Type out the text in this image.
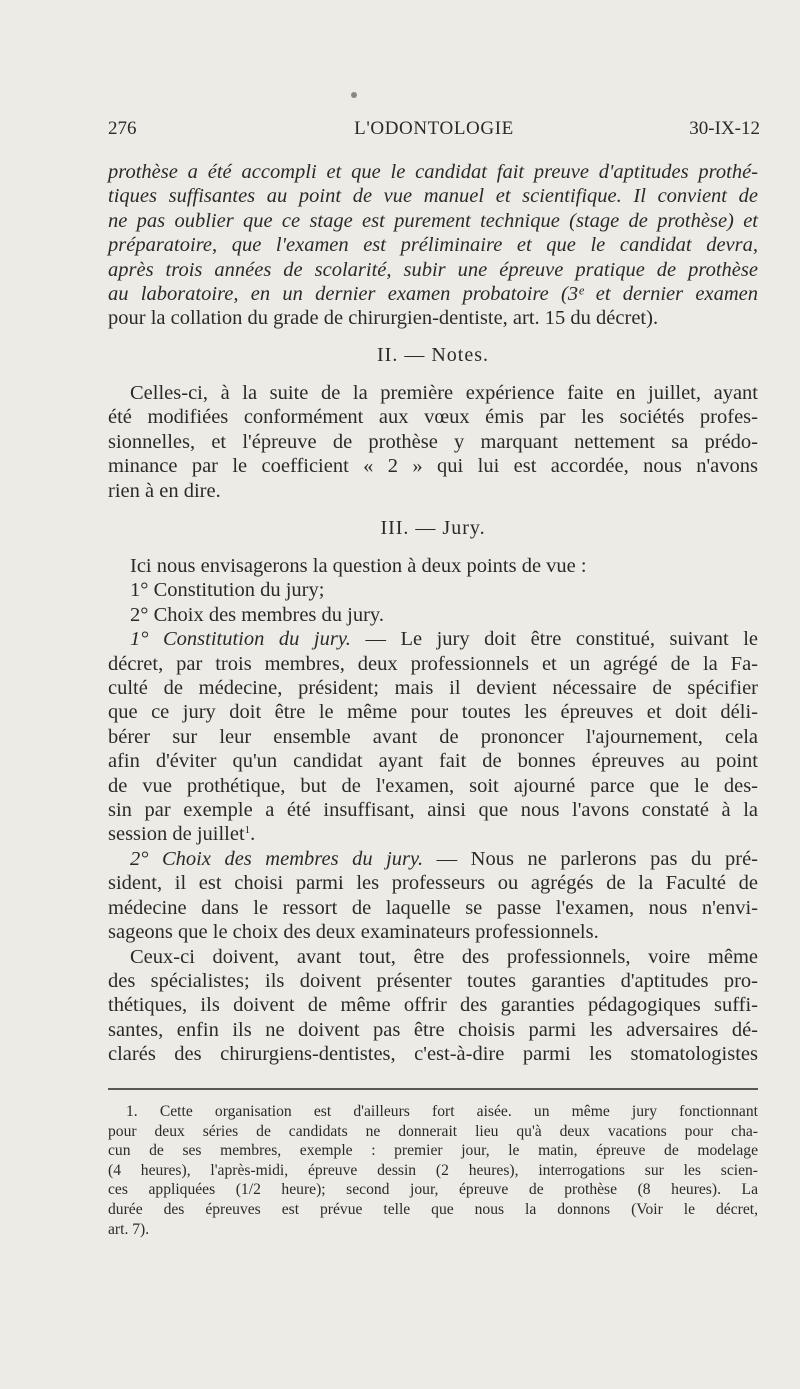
276	L'ODONTOLOGIE	30-IX-12
prothèse a été accompli et que le candidat fait preuve d'aptitudes prothé-
tiques suffisantes au point de vue manuel et scientifique. Il convient de
ne pas oublier que ce stage est purement technique (stage de prothèse) et
préparatoire, que l'examen est préliminaire et que le candidat devra,
après trois années de scolarité, subir une épreuve pratique de prothèse
au laboratoire, en un dernier examen probatoire (3ᵉ et dernier examen
pour la collation du grade de chirurgien-dentiste, art. 15 du décret).
II. — Notes.
Celles-ci, à la suite de la première expérience faite en juillet, ayant
été modifiées conformément aux vœux émis par les sociétés profes-
sionnelles, et l'épreuve de prothèse y marquant nettement sa prédo-
minance par le coefficient « 2 » qui lui est accordée, nous n'avons
rien à en dire.
III. — Jury.
Ici nous envisagerons la question à deux points de vue :
1° Constitution du jury;
2° Choix des membres du jury.
1° Constitution du jury. — Le jury doit être constitué, suivant le
décret, par trois membres, deux professionnels et un agrégé de la Fa-
culté de médecine, président; mais il devient nécessaire de spécifier
que ce jury doit être le même pour toutes les épreuves et doit déli-
bérer sur leur ensemble avant de prononcer l'ajournement, cela
afin d'éviter qu'un candidat ayant fait de bonnes épreuves au point
de vue prothétique, but de l'examen, soit ajourné parce que le des-
sin par exemple a été insuffisant, ainsi que nous l'avons constaté à la
session de juillet$^1$.
2° Choix des membres du jury. — Nous ne parlerons pas du pré-
sident, il est choisi parmi les professeurs ou agrégés de la Faculté de
médecine dans le ressort de laquelle se passe l'examen, nous n'envi-
sageons que le choix des deux examinateurs professionnels.
Ceux-ci doivent, avant tout, être des professionnels, voire même
des spécialistes; ils doivent présenter toutes garanties d'aptitudes pro-
thétiques, ils doivent de même offrir des garanties pédagogiques suffi-
santes, enfin ils ne doivent pas être choisis parmi les adversaires dé-
clarés des chirurgiens-dentistes, c'est-à-dire parmi les stomatologistes
1. Cette organisation est d'ailleurs fort aisée. un même jury fonctionnant
pour deux séries de candidats ne donnerait lieu qu'à deux vacations pour cha-
cun de ses membres, exemple : premier jour, le matin, épreuve de modelage
(4 heures), l'après-midi, épreuve dessin (2 heures), interrogations sur les scien-
ces appliquées (1/2 heure); second jour, épreuve de prothèse (8 heures). La
durée des épreuves est prévue telle que nous la donnons (Voir le décret,
art. 7).
